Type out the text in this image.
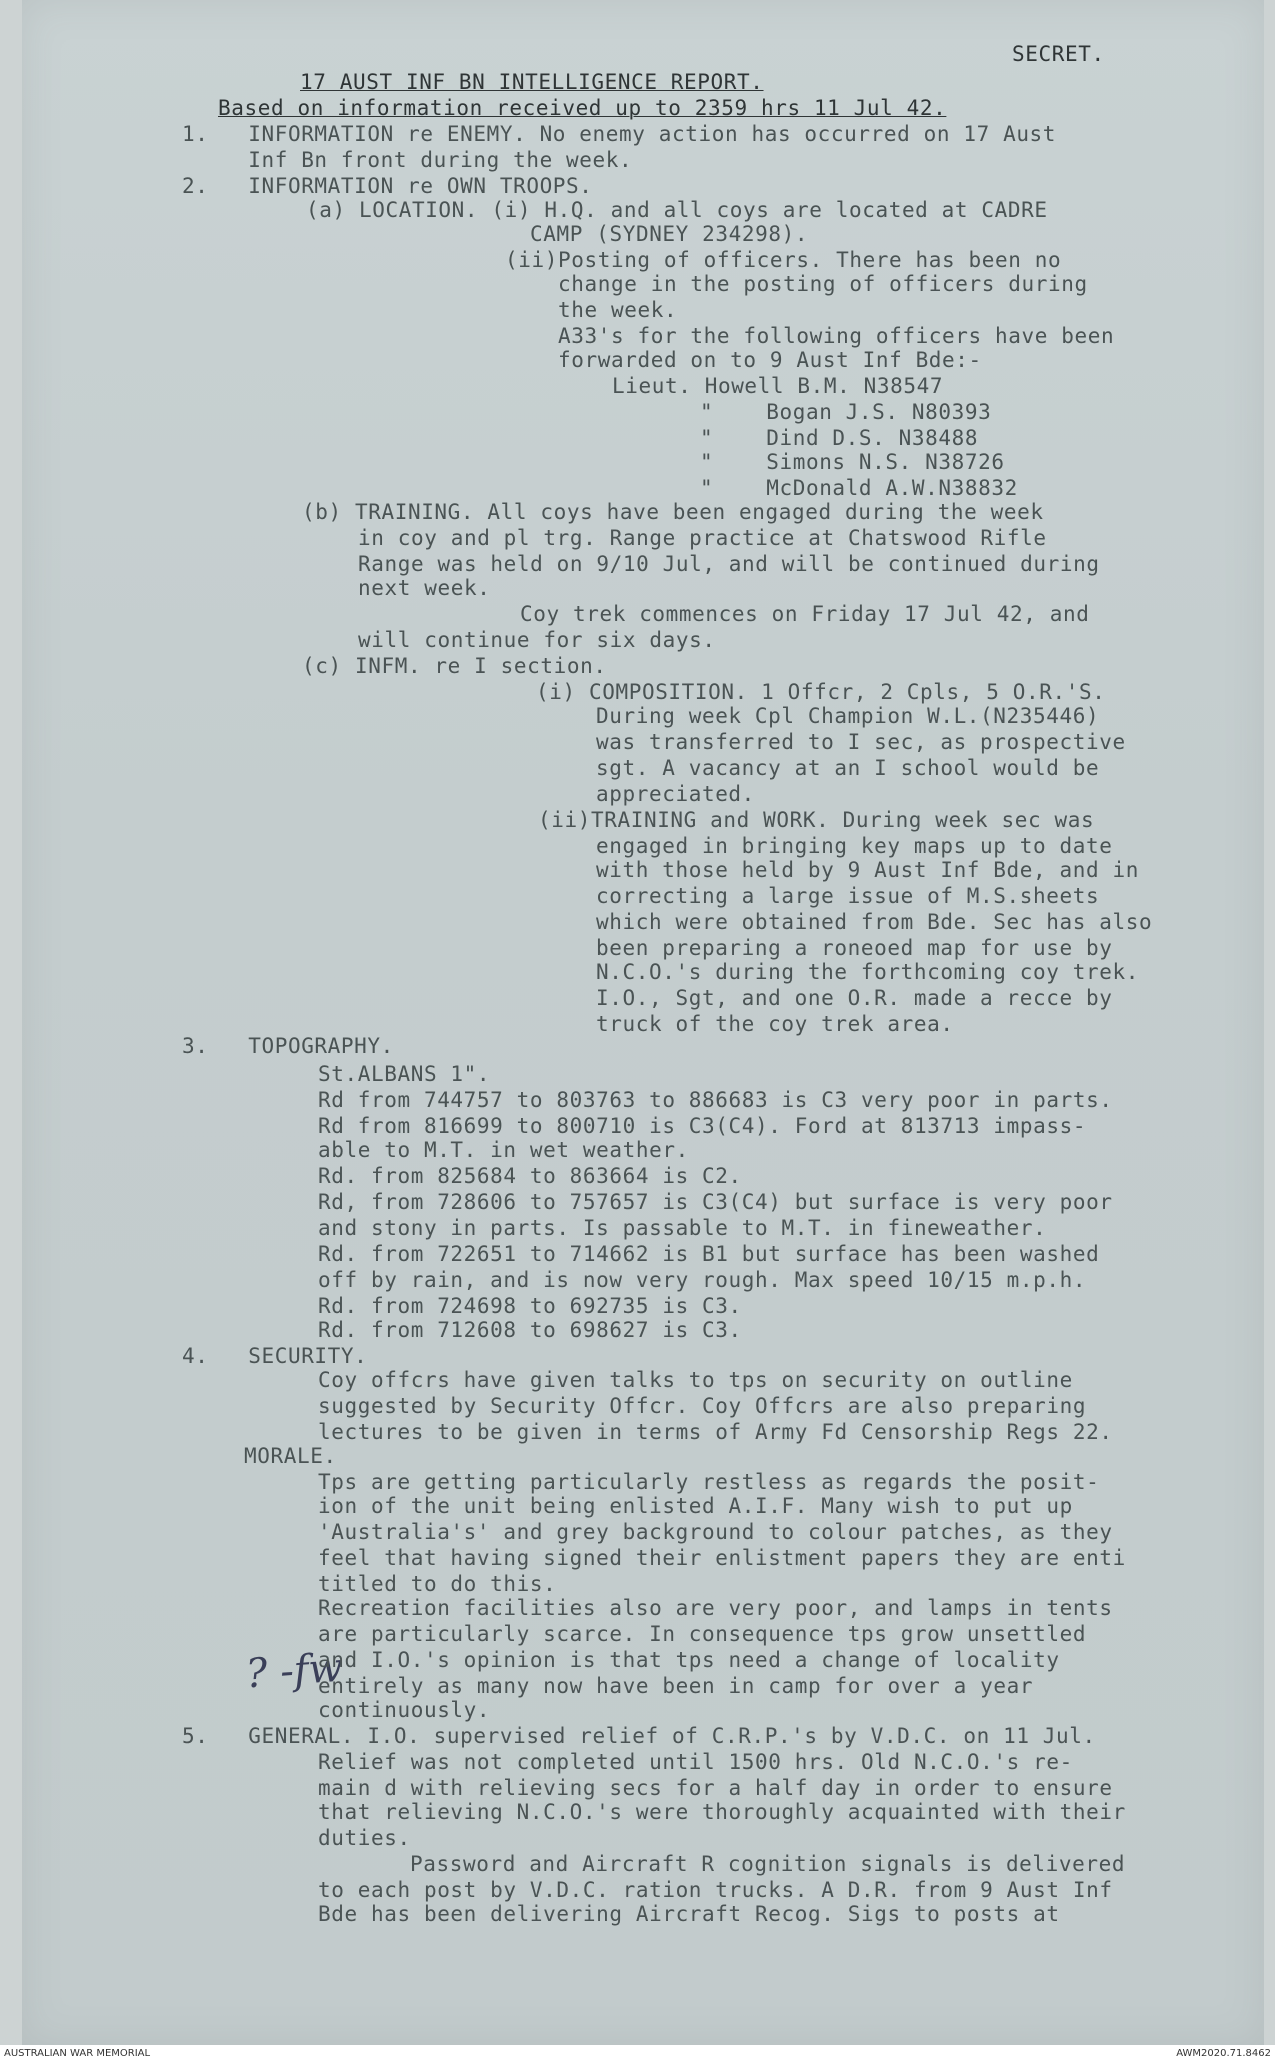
? -fw
SECRET.
17 AUST INF BN INTELLIGENCE REPORT.
Based on information received up to 2359 hrs 11 Jul 42.
1.   INFORMATION re ENEMY. No enemy action has occurred on 17 Aust
Inf Bn front during the week.
2.   INFORMATION re OWN TROOPS.
(a) LOCATION. (i) H.Q. and all coys are located at CADRE
CAMP (SYDNEY 234298).
(ii)Posting of officers. There has been no
change in the posting of officers during
the week.
A33's for the following officers have been
forwarded on to 9 Aust Inf Bde:-
Lieut. Howell B.M. N38547
"    Bogan J.S. N80393
"    Dind D.S. N38488
"    Simons N.S. N38726
"    McDonald A.W.N38832
(b) TRAINING. All coys have been engaged during the week
in coy and pl trg. Range practice at Chatswood Rifle
Range was held on 9/10 Jul, and will be continued during
next week.
Coy trek commences on Friday 17 Jul 42, and
will continue for six days.
(c) INFM. re I section.
(i) COMPOSITION. 1 Offcr, 2 Cpls, 5 O.R.'S.
During week Cpl Champion W.L.(N235446)
was transferred to I sec, as prospective
sgt. A vacancy at an I school would be
appreciated.
(ii)TRAINING and WORK. During week sec was
engaged in bringing key maps up to date
with those held by 9 Aust Inf Bde, and in
correcting a large issue of M.S.sheets
which were obtained from Bde. Sec has also
been preparing a roneoed map for use by
N.C.O.'s during the forthcoming coy trek.
I.O., Sgt, and one O.R. made a recce by
truck of the coy trek area.
3.   TOPOGRAPHY.
St.ALBANS 1".
Rd from 744757 to 803763 to 886683 is C3 very poor in parts.
Rd from 816699 to 800710 is C3(C4). Ford at 813713 impass-
able to M.T. in wet weather.
Rd. from 825684 to 863664 is C2.
Rd, from 728606 to 757657 is C3(C4) but surface is very poor
and stony in parts. Is passable to M.T. in fineweather.
Rd. from 722651 to 714662 is B1 but surface has been washed
off by rain, and is now very rough. Max speed 10/15 m.p.h.
Rd. from 724698 to 692735 is C3.
Rd. from 712608 to 698627 is C3.
4.   SECURITY.
Coy offcrs have given talks to tps on security on outline
suggested by Security Offcr. Coy Offcrs are also preparing
lectures to be given in terms of Army Fd Censorship Regs 22.
MORALE.
Tps are getting particularly restless as regards the posit-
ion of the unit being enlisted A.I.F. Many wish to put up
'Australia's' and grey background to colour patches, as they
feel that having signed their enlistment papers they are enti
titled to do this.
Recreation facilities also are very poor, and lamps in tents
are particularly scarce. In consequence tps grow unsettled
and I.O.'s opinion is that tps need a change of locality
entirely as many now have been in camp for over a year
continuously.
5.   GENERAL. I.O. supervised relief of C.R.P.'s by V.D.C. on 11 Jul.
Relief was not completed until 1500 hrs. Old N.C.O.'s re-
main d with relieving secs for a half day in order to ensure
that relieving N.C.O.'s were thoroughly acquainted with their
duties.
Password and Aircraft R cognition signals is delivered
to each post by V.D.C. ration trucks. A D.R. from 9 Aust Inf
Bde has been delivering Aircraft Recog. Sigs to posts at
AUSTRALIAN WAR MEMORIAL	AWM2020.71.8462
